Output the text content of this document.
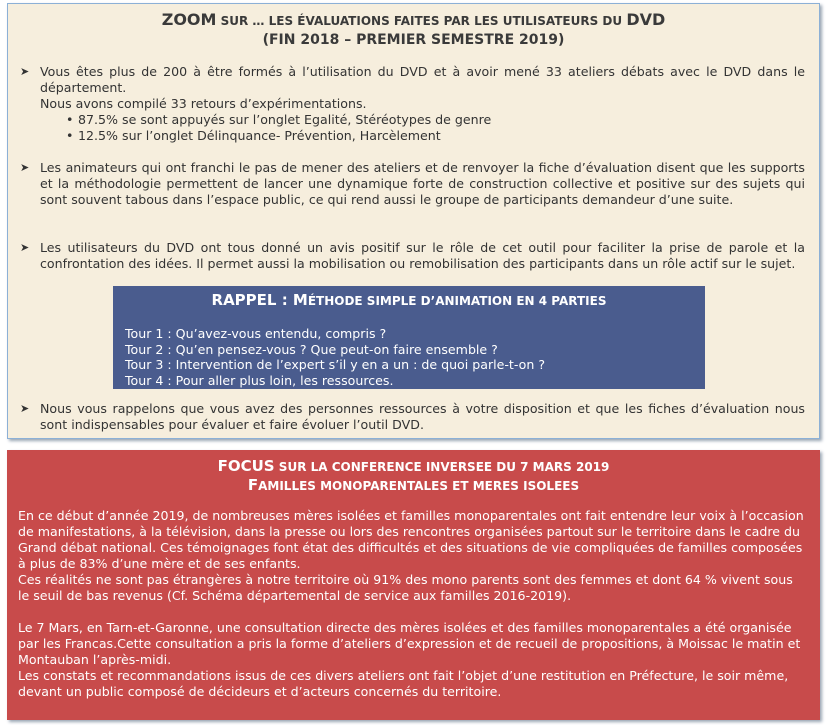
ZOOM SUR … LES ÉVALUATIONS FAITES PAR LES UTILISATEURS DU DVD
(FIN 2018 – PREMIER SEMESTRE 2019)
➤ Vous êtes plus de 200 à être formés à l’utilisation du DVD et à avoir mené 33 ateliers débats avec le DVD dans le département.
Nous avons compilé 33 retours d’expérimentations.
• 87.5% se sont appuyés sur l’onglet Egalité, Stéréotypes de genre
• 12.5% sur l’onglet Délinquance- Prévention, Harcèlement
➤ Les animateurs qui ont franchi le pas de mener des ateliers et de renvoyer la fiche d’évaluation disent que les supports et la méthodologie permettent de lancer une dynamique forte de construction collective et positive sur des sujets qui sont souvent tabous dans l’espace public, ce qui rend aussi le groupe de participants demandeur d’une suite.
➤ Les utilisateurs du DVD ont tous donné un avis positif sur le rôle de cet outil pour faciliter la prise de parole et la confrontation des idées. Il permet aussi la mobilisation ou remobilisation des participants dans un rôle actif sur le sujet.
➤ Nous vous rappelons que vous avez des personnes ressources à votre disposition et que les fiches d’évaluation nous sont indispensables pour évaluer et faire évoluer l’outil DVD.
RAPPEL : MÉTHODE SIMPLE D’ANIMATION EN 4 PARTIES
Tour 1 : Qu’avez-vous entendu, compris ?
Tour 2 : Qu’en pensez-vous ? Que peut-on faire ensemble ?
Tour 3 : Intervention de l’expert s’il y en a un : de quoi parle-t-on ?
Tour 4 : Pour aller plus loin, les ressources.
FOCUS SUR LA CONFERENCE INVERSEE DU 7 MARS 2019
FAMILLES MONOPARENTALES ET MERES ISOLEES
En ce début d’année 2019, de nombreuses mères isolées et familles monoparentales ont fait entendre leur voix à l’occasion de manifestations, à la télévision, dans la presse ou lors des rencontres organisées partout sur le territoire dans le cadre du Grand débat national. Ces témoignages font état des difficultés et des situations de vie compliquées de familles composées à plus de 83% d’une mère et de ses enfants.
Ces réalités ne sont pas étrangères à notre territoire où 91% des mono parents sont des femmes et dont 64 % vivent sous le seuil de bas revenus (Cf. Schéma départemental de service aux familles 2016-2019).
Le 7 Mars, en Tarn-et-Garonne, une consultation directe des mères isolées et des familles monoparentales a été organisée par les Francas.Cette consultation a pris la forme d’ateliers d’expression et de recueil de propositions, à Moissac le matin et Montauban l’après-midi.
Les constats et recommandations issus de ces divers ateliers ont fait l’objet d’une restitution en Préfecture, le soir même, devant un public composé de décideurs et d’acteurs concernés du territoire.
